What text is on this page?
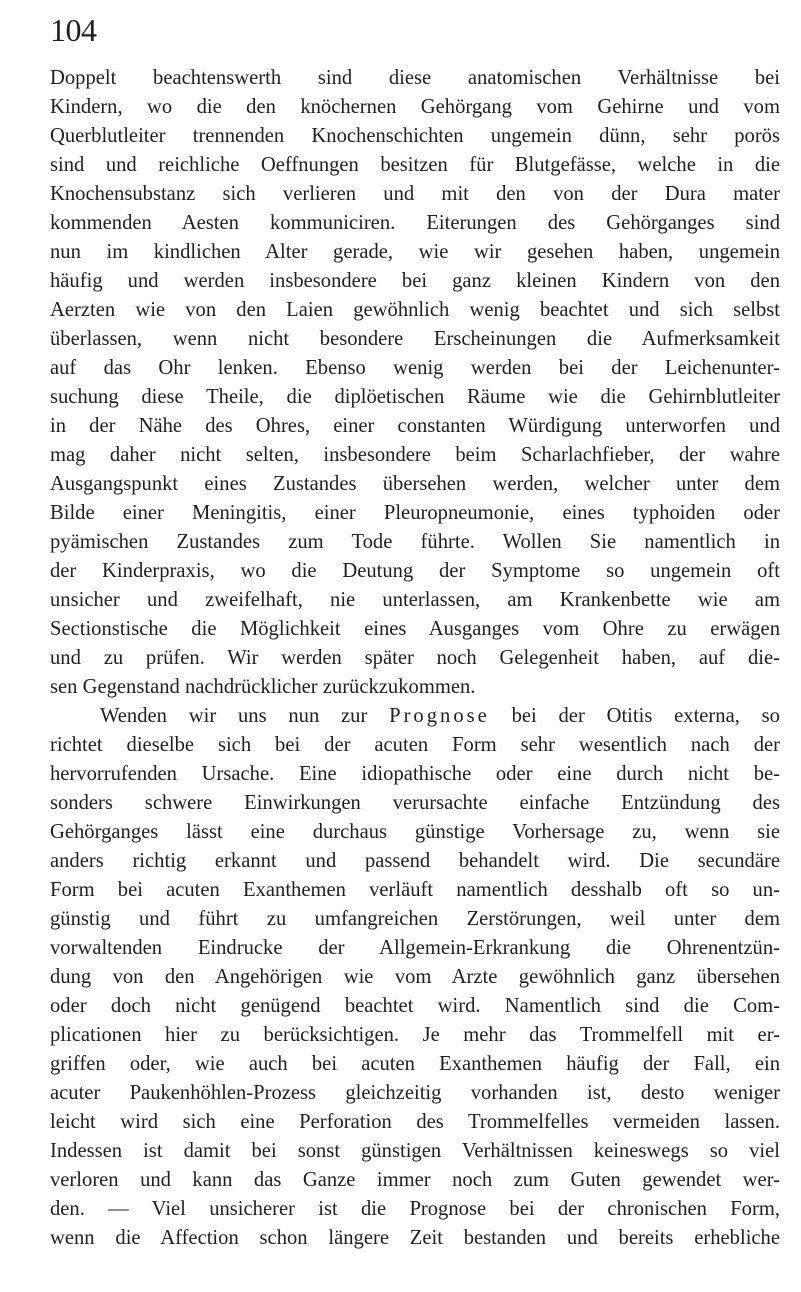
104
Doppelt beachtenswerth sind diese anatomischen Verhältnisse bei
Kindern, wo die den knöchernen Gehörgang vom Gehirne und vom
Querblutleiter trennenden Knochenschichten ungemein dünn, sehr porös
sind und reichliche Oeffnungen besitzen für Blutgefässe, welche in die
Knochensubstanz sich verlieren und mit den von der Dura mater
kommenden Aesten kommuniciren. Eiterungen des Gehörganges sind
nun im kindlichen Alter gerade, wie wir gesehen haben, ungemein
häufig und werden insbesondere bei ganz kleinen Kindern von den
Aerzten wie von den Laien gewöhnlich wenig beachtet und sich selbst
überlassen, wenn nicht besondere Erscheinungen die Aufmerksamkeit
auf das Ohr lenken. Ebenso wenig werden bei der Leichenunter-
suchung diese Theile, die diplöetischen Räume wie die Gehirnblutleiter
in der Nähe des Ohres, einer constanten Würdigung unterworfen und
mag daher nicht selten, insbesondere beim Scharlachfieber, der wahre
Ausgangspunkt eines Zustandes übersehen werden, welcher unter dem
Bilde einer Meningitis, einer Pleuropneumonie, eines typhoiden oder
pyämischen Zustandes zum Tode führte. Wollen Sie namentlich in
der Kinderpraxis, wo die Deutung der Symptome so ungemein oft
unsicher und zweifelhaft, nie unterlassen, am Krankenbette wie am
Sectionstische die Möglichkeit eines Ausganges vom Ohre zu erwägen
und zu prüfen. Wir werden später noch Gelegenheit haben, auf die-
sen Gegenstand nachdrücklicher zurückzukommen.
Wenden wir uns nun zur Prognose bei der Otitis externa, so
richtet dieselbe sich bei der acuten Form sehr wesentlich nach der
hervorrufenden Ursache. Eine idiopathische oder eine durch nicht be-
sonders schwere Einwirkungen verursachte einfache Entzündung des
Gehörganges lässt eine durchaus günstige Vorhersage zu, wenn sie
anders richtig erkannt und passend behandelt wird. Die secundäre
Form bei acuten Exanthemen verläuft namentlich desshalb oft so un-
günstig und führt zu umfangreichen Zerstörungen, weil unter dem
vorwaltenden Eindrucke der Allgemein-Erkrankung die Ohrenentzün-
dung von den Angehörigen wie vom Arzte gewöhnlich ganz übersehen
oder doch nicht genügend beachtet wird. Namentlich sind die Com-
plicationen hier zu berücksichtigen. Je mehr das Trommelfell mit er-
griffen oder, wie auch bei acuten Exanthemen häufig der Fall, ein
acuter Paukenhöhlen-Prozess gleichzeitig vorhanden ist, desto weniger
leicht wird sich eine Perforation des Trommelfelles vermeiden lassen.
Indessen ist damit bei sonst günstigen Verhältnissen keineswegs so viel
verloren und kann das Ganze immer noch zum Guten gewendet wer-
den. — Viel unsicherer ist die Prognose bei der chronischen Form,
wenn die Affection schon längere Zeit bestanden und bereits erhebliche
